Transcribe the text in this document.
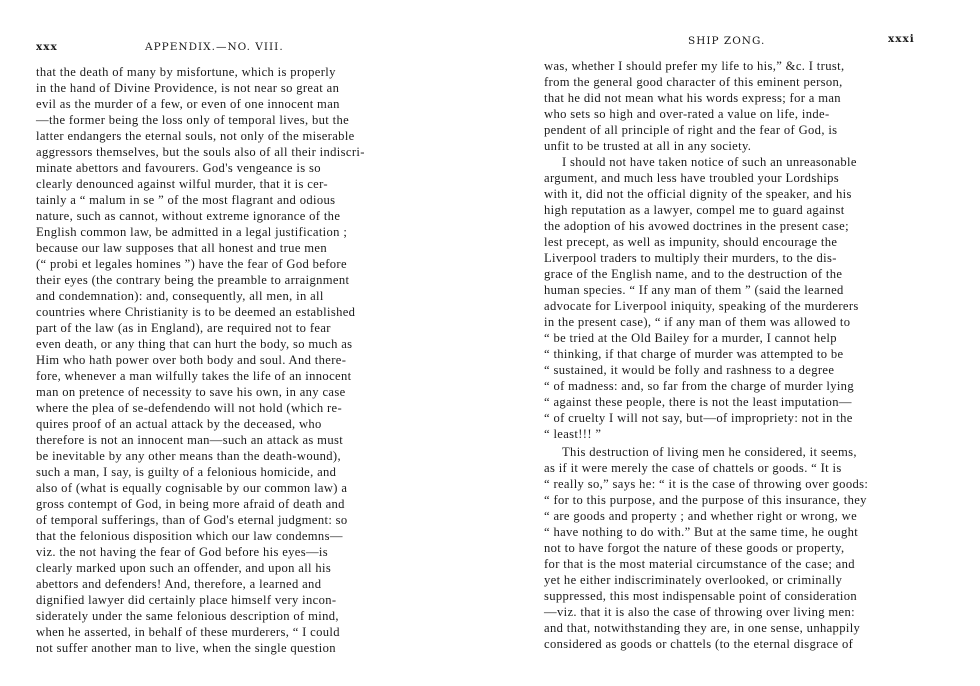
xxx	APPENDIX.—NO. VIII.
that the death of many by misfortune, which is properly
in the hand of Divine Providence, is not near so great an
evil as the murder of a few, or even of one innocent man
—the former being the loss only of temporal lives, but the
latter endangers the eternal souls, not only of the miserable
aggressors themselves, but the souls also of all their indiscri-
minate abettors and favourers. God's vengeance is so
clearly denounced against wilful murder, that it is cer-
tainly a “ malum in se ” of the most flagrant and odious
nature, such as cannot, without extreme ignorance of the
English common law, be admitted in a legal justification ;
because our law supposes that all honest and true men
(“ probi et legales homines ”) have the fear of God before
their eyes (the contrary being the preamble to arraignment
and condemnation): and, consequently, all men, in all
countries where Christianity is to be deemed an established
part of the law (as in England), are required not to fear
even death, or any thing that can hurt the body, so much as
Him who hath power over both body and soul. And there-
fore, whenever a man wilfully takes the life of an innocent
man on pretence of necessity to save his own, in any case
where the plea of se-defendendo will not hold (which re-
quires proof of an actual attack by the deceased, who
therefore is not an innocent man—such an attack as must
be inevitable by any other means than the death-wound),
such a man, I say, is guilty of a felonious homicide, and
also of (what is equally cognisable by our common law) a
gross contempt of God, in being more afraid of death and
of temporal sufferings, than of God's eternal judgment: so
that the felonious disposition which our law condemns—
viz. the not having the fear of God before his eyes—is
clearly marked upon such an offender, and upon all his
abettors and defenders! And, therefore, a learned and
dignified lawyer did certainly place himself very incon-
siderately under the same felonious description of mind,
when he asserted, in behalf of these murderers, “ I could
not suffer another man to live, when the single question
SHIP ZONG.	xxxi
was, whether I should prefer my life to his,” &c. I trust,
from the general good character of this eminent person,
that he did not mean what his words express; for a man
who sets so high and over-rated a value on life, inde-
pendent of all principle of right and the fear of God, is
unfit to be trusted at all in any society.
I should not have taken notice of such an unreasonable
argument, and much less have troubled your Lordships
with it, did not the official dignity of the speaker, and his
high reputation as a lawyer, compel me to guard against
the adoption of his avowed doctrines in the present case;
lest precept, as well as impunity, should encourage the
Liverpool traders to multiply their murders, to the dis-
grace of the English name, and to the destruction of the
human species. “ If any man of them ” (said the learned
advocate for Liverpool iniquity, speaking of the murderers
in the present case), “ if any man of them was allowed to
“ be tried at the Old Bailey for a murder, I cannot help
“ thinking, if that charge of murder was attempted to be
“ sustained, it would be folly and rashness to a degree
“ of madness: and, so far from the charge of murder lying
“ against these people, there is not the least imputation—
“ of cruelty I will not say, but—of impropriety: not in the
“ least!!! ”
This destruction of living men he considered, it seems,
as if it were merely the case of chattels or goods. “ It is
“ really so,” says he: “ it is the case of throwing over goods:
“ for to this purpose, and the purpose of this insurance, they
“ are goods and property ; and whether right or wrong, we
“ have nothing to do with.” But at the same time, he ought
not to have forgot the nature of these goods or property,
for that is the most material circumstance of the case; and
yet he either indiscriminately overlooked, or criminally
suppressed, this most indispensable point of consideration
—viz. that it is also the case of throwing over living men:
and that, notwithstanding they are, in one sense, unhappily
considered as goods or chattels (to the eternal disgrace of
